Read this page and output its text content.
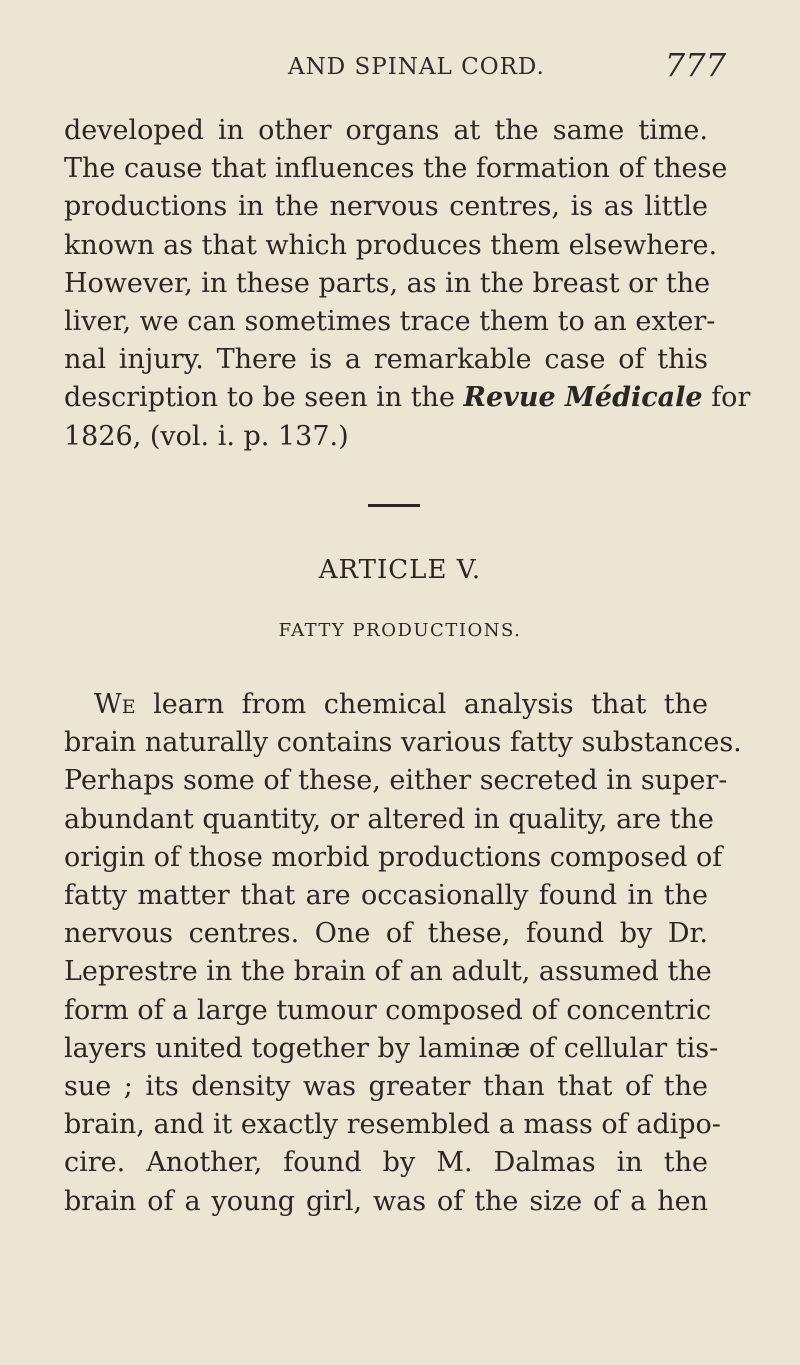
AND SPINAL CORD.	777
developed in other organs at the same time.
The cause that influences the formation of these
productions in the nervous centres, is as little
known as that which produces them elsewhere.
However, in these parts, as in the breast or the
liver, we can sometimes trace them to an exter-
nal injury. There is a remarkable case of this
description to be seen in the Revue Médicale for
1826, (vol. i. p. 137.)
ARTICLE V.
FATTY PRODUCTIONS.
We learn from chemical analysis that the
brain naturally contains various fatty substances.
Perhaps some of these, either secreted in super-
abundant quantity, or altered in quality, are the
origin of those morbid productions composed of
fatty matter that are occasionally found in the
nervous centres. One of these, found by Dr.
Leprestre in the brain of an adult, assumed the
form of a large tumour composed of concentric
layers united together by laminæ of cellular tis-
sue ; its density was greater than that of the
brain, and it exactly resembled a mass of adipo-
cire. Another, found by M. Dalmas in the
brain of a young girl, was of the size of a hen
